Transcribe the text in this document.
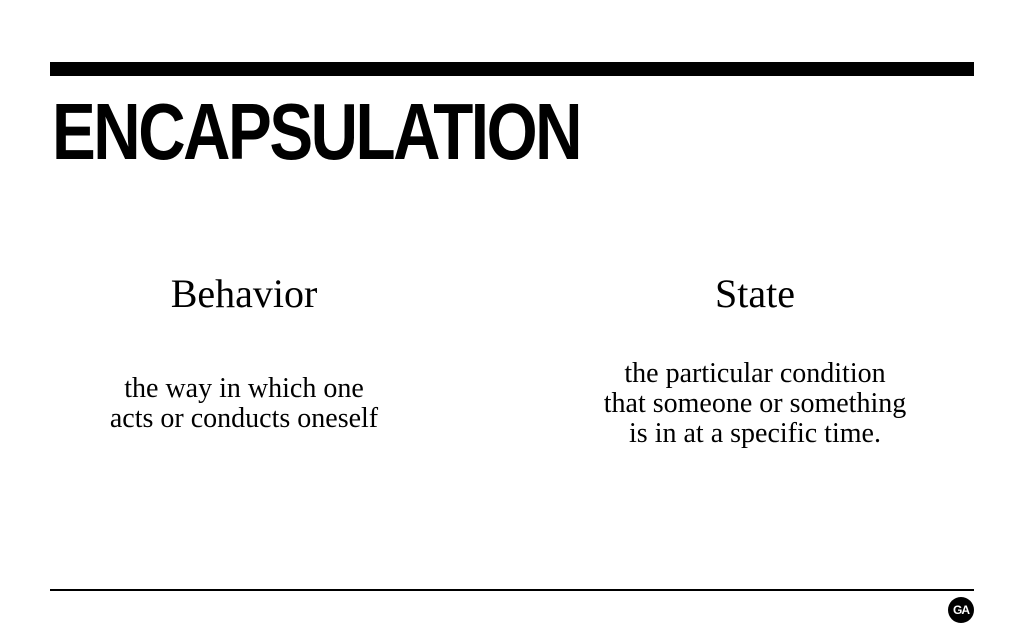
ENCAPSULATION
Behavior

the way in which one
acts or conducts oneself

State

the particular condition
that someone or something
is in at a specific time.

GA
